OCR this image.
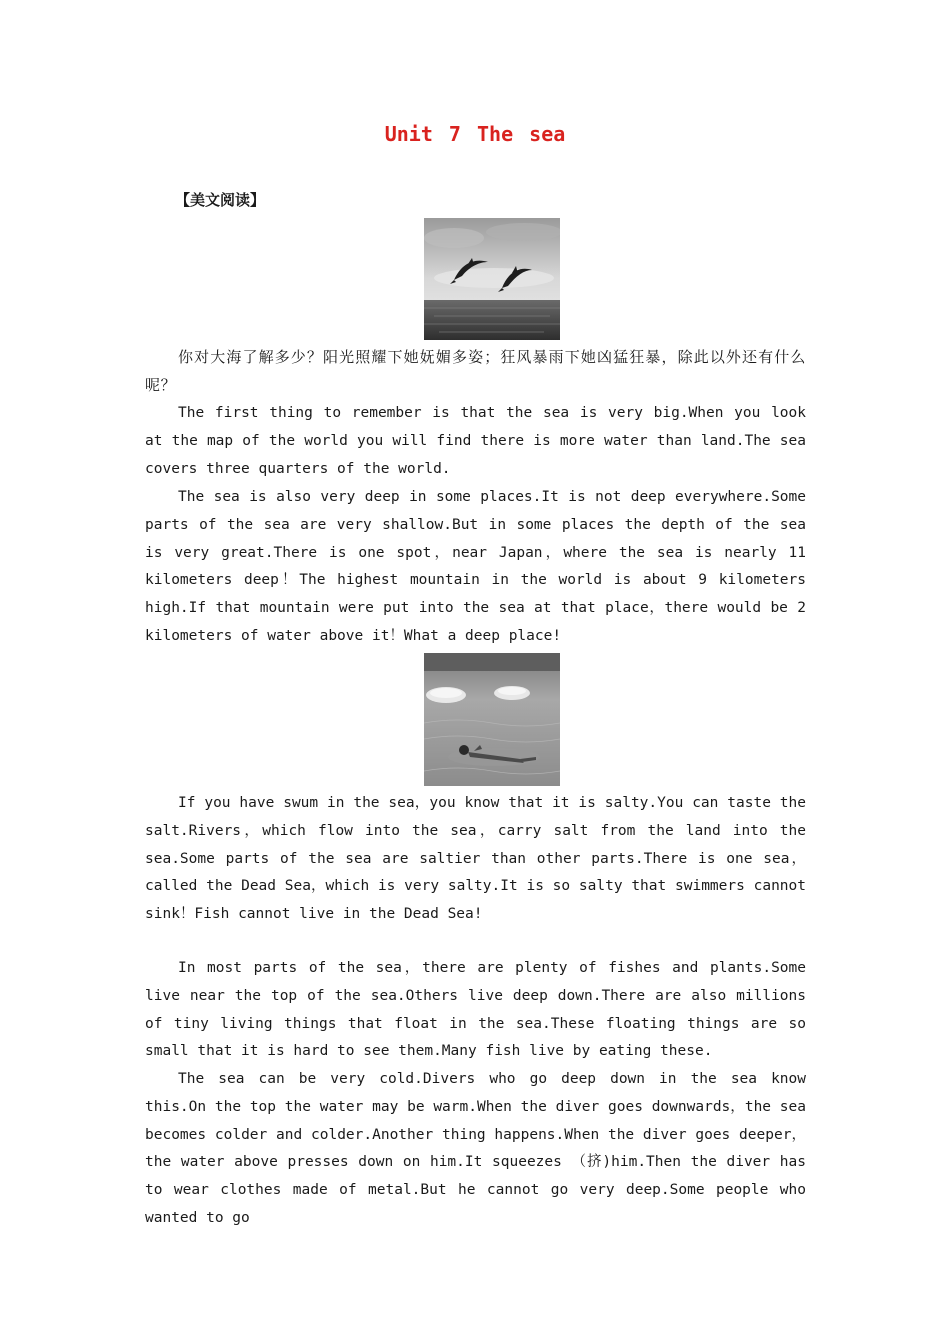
Unit 7 The sea
【美文阅读】
你对大海了解多少？阳光照耀下她妩媚多姿；狂风暴雨下她凶猛狂暴，除此以外还有什么呢？
The first thing to remember is that the sea is very big.When you look at the map of the world you will find there is more water than land.The sea covers three quarters of the world.
The sea is also very deep in some places.It is not deep everywhere.Some parts of the sea are very shallow.But in some places the depth of the sea is very great.There is one spot，near Japan，where the sea is nearly 11 kilometers deep！The highest mountain in the world is about 9 kilometers high.If that mountain were put into the sea at that place，there would be 2 kilometers of water above it！What a deep place!
If you have swum in the sea，you know that it is salty.You can taste the salt.Rivers，which flow into the sea，carry salt from the land into the sea.Some parts of the sea are saltier than other parts.There is one sea，called the Dead Sea，which is very salty.It is so salty that swimmers cannot sink！Fish cannot live in the Dead Sea!
In most parts of the sea，there are plenty of fishes and plants.Some live near the top of the sea.Others live deep down.There are also millions of tiny living things that float in the sea.These floating things are so small that it is hard to see them.Many fish live by eating these.
The sea can be very cold.Divers who go deep down in the sea know this.On the top the water may be warm.When the diver goes downwards，the sea becomes colder and colder.Another thing happens.When the diver goes deeper，the water above presses down on him.It squeezes （挤)him.Then the diver has to wear clothes made of metal.But he cannot go very deep.Some people who wanted to go
